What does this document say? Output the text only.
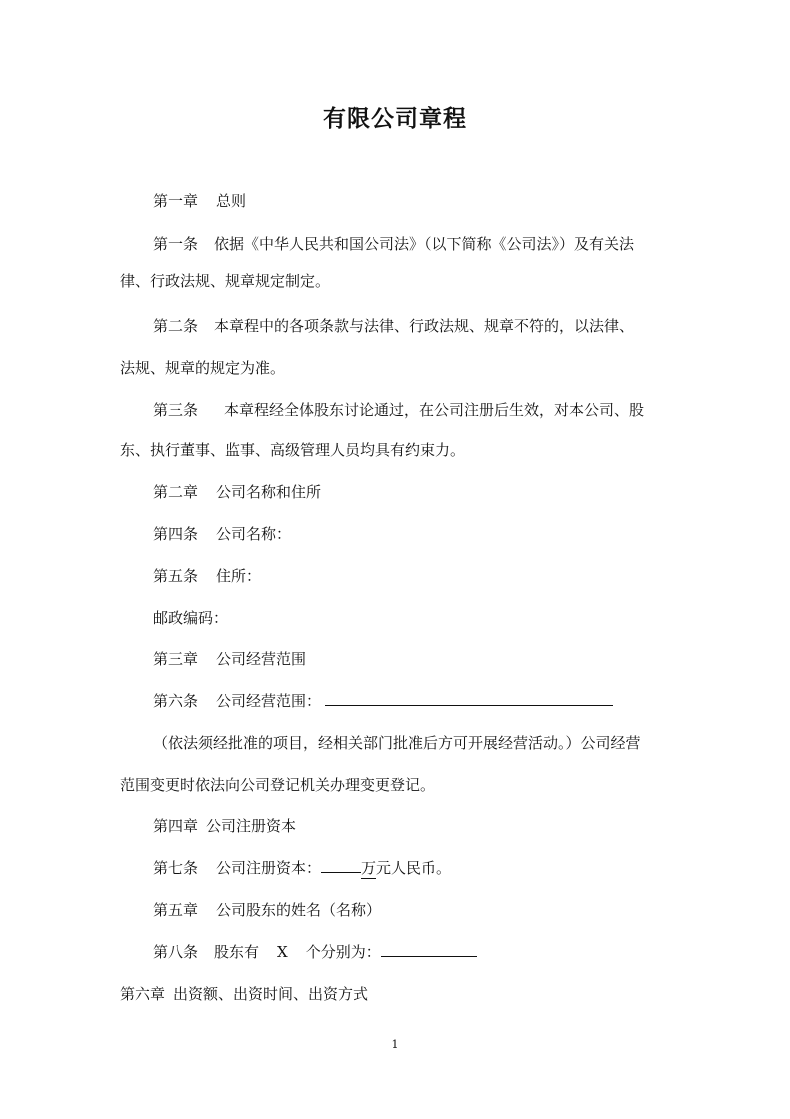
有限公司章程
第一章 总则
第一条 依据《中华人民共和国公司法》（以下简称《公司法》）及有关法
律、行政法规、规章规定制定。
第二条 本章程中的各项条款与法律、行政法规、规章不符的，以法律、
法规、规章的规定为准。
第三条 本章程经全体股东讨论通过，在公司注册后生效，对本公司、股
东、执行董事、监事、高级管理人员均具有约束力。
第二章 公司名称和住所
第四条 公司名称：
第五条 住所：
邮政编码：
第三章 公司经营范围
第六条 公司经营范围：
（依法须经批准的项目，经相关部门批准后方可开展经营活动。）公司经营
范围变更时依法向公司登记机关办理变更登记。
第四章 公司注册资本
第七条 公司注册资本：	万元人民币。
第五章 公司股东的姓名（名称）
第八条 股东有 X 个分别为：
第六章 出资额、出资时间、出资方式
1
